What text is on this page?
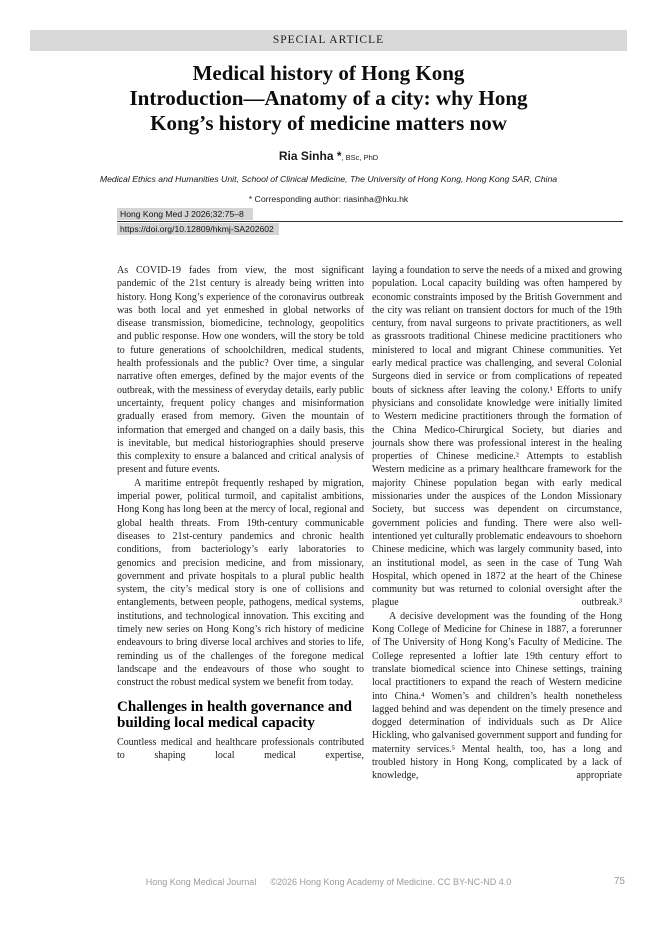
SPECIAL ARTICLE
Medical history of Hong Kong
Introduction—Anatomy of a city: why Hong
Kong’s history of medicine matters now
Ria Sinha *, BSc, PhD
Medical Ethics and Humanities Unit, School of Clinical Medicine, The University of Hong Kong, Hong Kong SAR, China
* Corresponding author: riasinha@hku.hk
Hong Kong Med J 2026;32:75–8
https://doi.org/10.12809/hkmj-SA202602

As COVID-19 fades from view, the most significant pandemic of the 21st century is already being written into history. Hong Kong’s experience of the coronavirus outbreak was both local and yet enmeshed in global networks of disease transmission, biomedicine, technology, geopolitics and public response. How one wonders, will the story be told to future generations of schoolchildren, medical students, health professionals and the public? Over time, a singular narrative often emerges, defined by the major events of the outbreak, with the messiness of everyday details, early public uncertainty, frequent policy changes and misinformation gradually erased from memory. Given the mountain of information that emerged and changed on a daily basis, this is inevitable, but medical historiographies should preserve this complexity to ensure a balanced and critical analysis of present and future events.

A maritime entrepôt frequently reshaped by migration, imperial power, political turmoil, and capitalist ambitions, Hong Kong has long been at the mercy of local, regional and global health threats. From 19th-century communicable diseases to 21st-century pandemics and chronic health conditions, from bacteriology’s early laboratories to genomics and precision medicine, and from missionary, government and private hospitals to a plural public health system, the city’s medical story is one of collisions and entanglements, between people, pathogens, medical systems, institutions, and technological innovation. This exciting and timely new series on Hong Kong’s rich history of medicine endeavours to bring diverse local archives and stories to life, reminding us of the challenges of the foregone medical landscape and the endeavours of those who sought to construct the robust medical system we benefit from today.

Challenges in health governance and building local medical capacity

Countless medical and healthcare professionals contributed to shaping local medical expertise,

laying a foundation to serve the needs of a mixed and growing population. Local capacity building was often hampered by economic constraints imposed by the British Government and the city was reliant on transient doctors for much of the 19th century, from naval surgeons to private practitioners, as well as grassroots traditional Chinese medicine practitioners who ministered to local and migrant Chinese communities. Yet early medical practice was challenging, and several Colonial Surgeons died in service or from complications of repeated bouts of sickness after leaving the colony.¹ Efforts to unify physicians and consolidate knowledge were initially limited to Western medicine practitioners through the formation of the China Medico-Chirurgical Society, but diaries and journals show there was professional interest in the healing properties of Chinese medicine.² Attempts to establish Western medicine as a primary healthcare framework for the majority Chinese population began with early medical missionaries under the auspices of the London Missionary Society, but success was dependent on circumstance, government policies and funding. There were also well-intentioned yet culturally problematic endeavours to shoehorn Chinese medicine, which was largely community based, into an institutional model, as seen in the case of Tung Wah Hospital, which opened in 1872 at the heart of the Chinese community but was returned to colonial oversight after the plague outbreak.³

A decisive development was the founding of the Hong Kong College of Medicine for Chinese in 1887, a forerunner of The University of Hong Kong’s Faculty of Medicine. The College represented a loftier late 19th century effort to translate biomedical science into Chinese settings, training local practitioners to expand the reach of Western medicine into China.⁴ Women’s and children’s health nonetheless lagged behind and was dependent on the timely presence and dogged determination of individuals such as Dr Alice Hickling, who galvanised government support and funding for maternity services.⁵ Mental health, too, has a long and troubled history in Hong Kong, complicated by a lack of knowledge, appropriate

Hong Kong Medical Journal ©2026 Hong Kong Academy of Medicine. CC BY-NC-ND 4.0	75
